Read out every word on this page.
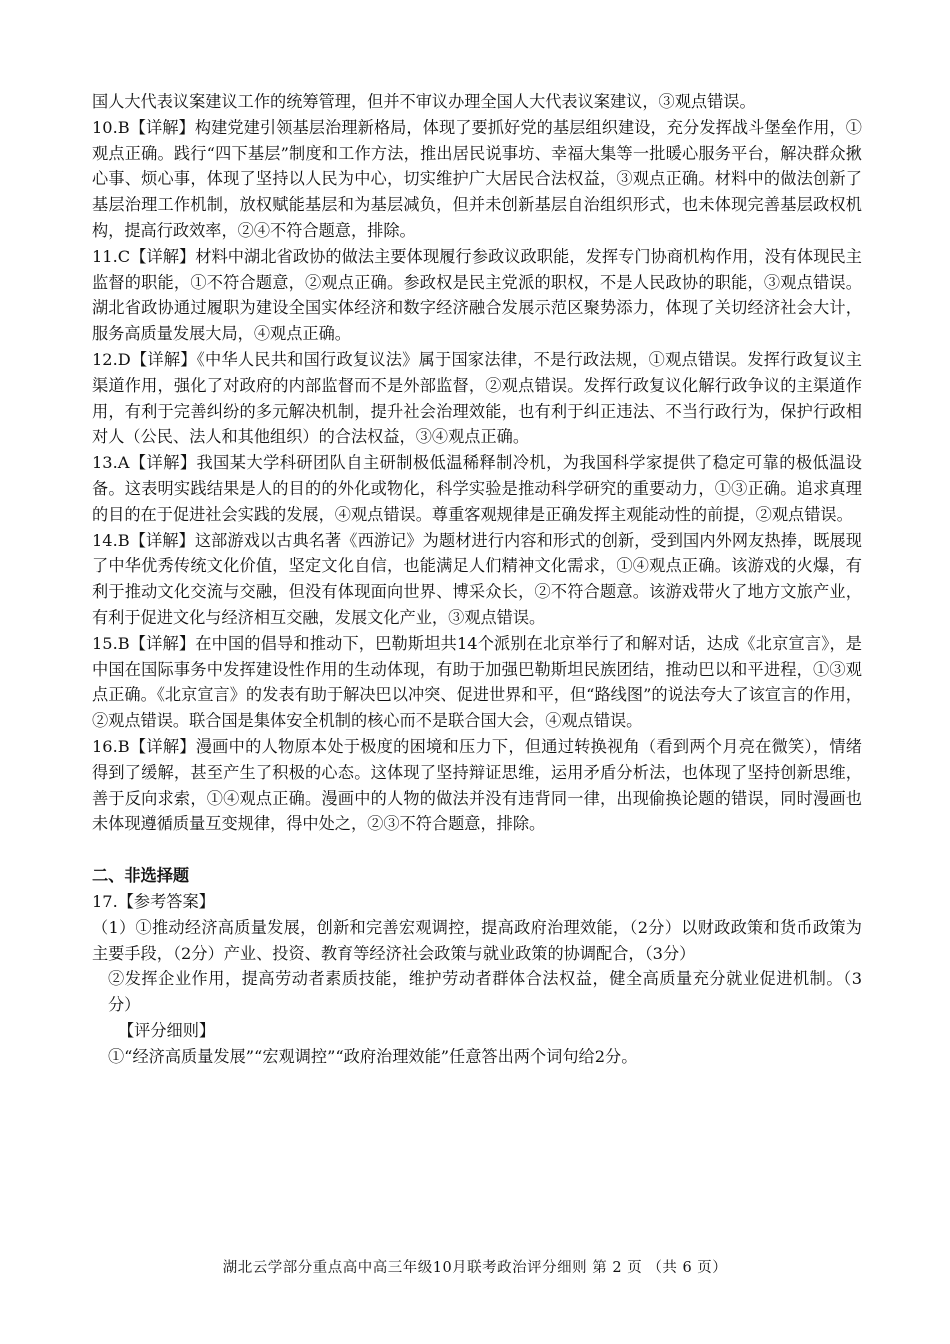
国人大代表议案建议工作的统筹管理，但并不审议办理全国人大代表议案建议，③观点错误。

10.B【详解】构建党建引领基层治理新格局，体现了要抓好党的基层组织建设，充分发挥战斗堡垒作用，①观点正确。践行“四下基层”制度和工作方法，推出居民说事坊、幸福大集等一批暖心服务平台，解决群众揪心事、烦心事，体现了坚持以人民为中心，切实维护广大居民合法权益，③观点正确。材料中的做法创新了基层治理工作机制，放权赋能基层和为基层减负，但并未创新基层自治组织形式，也未体现完善基层政权机构，提高行政效率，②④不符合题意，排除。

11.C【详解】材料中湖北省政协的做法主要体现履行参政议政职能，发挥专门协商机构作用，没有体现民主监督的职能，①不符合题意，②观点正确。参政权是民主党派的职权，不是人民政协的职能，③观点错误。湖北省政协通过履职为建设全国实体经济和数字经济融合发展示范区聚势添力，体现了关切经济社会大计，服务高质量发展大局，④观点正确。

12.D【详解】《中华人民共和国行政复议法》属于国家法律，不是行政法规，①观点错误。发挥行政复议主渠道作用，强化了对政府的内部监督而不是外部监督，②观点错误。发挥行政复议化解行政争议的主渠道作用，有利于完善纠纷的多元解决机制，提升社会治理效能，也有利于纠正违法、不当行政行为，保护行政相对人（公民、法人和其他组织）的合法权益，③④观点正确。

13.A【详解】我国某大学科研团队自主研制极低温稀释制冷机，为我国科学家提供了稳定可靠的极低温设备。这表明实践结果是人的目的的外化或物化，科学实验是推动科学研究的重要动力，①③正确。追求真理的目的在于促进社会实践的发展，④观点错误。尊重客观规律是正确发挥主观能动性的前提，②观点错误。

14.B【详解】这部游戏以古典名著《西游记》为题材进行内容和形式的创新，受到国内外网友热捧，既展现了中华优秀传统文化价值，坚定文化自信，也能满足人们精神文化需求，①④观点正确。该游戏的火爆，有利于推动文化交流与交融，但没有体现面向世界、博采众长，②不符合题意。该游戏带火了地方文旅产业，有利于促进文化与经济相互交融，发展文化产业，③观点错误。

15.B【详解】在中国的倡导和推动下，巴勒斯坦共14个派别在北京举行了和解对话，达成《北京宣言》，是中国在国际事务中发挥建设性作用的生动体现，有助于加强巴勒斯坦民族团结，推动巴以和平进程，①③观点正确。《北京宣言》的发表有助于解决巴以冲突、促进世界和平，但“路线图”的说法夸大了该宣言的作用，②观点错误。联合国是集体安全机制的核心而不是联合国大会，④观点错误。

16.B【详解】漫画中的人物原本处于极度的困境和压力下，但通过转换视角（看到两个月亮在微笑），情绪得到了缓解，甚至产生了积极的心态。这体现了坚持辩证思维，运用矛盾分析法，也体现了坚持创新思维，善于反向求索，①④观点正确。漫画中的人物的做法并没有违背同一律，出现偷换论题的错误，同时漫画也未体现遵循质量互变规律，得中处之，②③不符合题意，排除。

二、非选择题

17.【参考答案】

（1）①推动经济高质量发展，创新和完善宏观调控，提高政府治理效能，（2分）以财政政策和货币政策为主要手段，（2分）产业、投资、教育等经济社会政策与就业政策的协调配合，（3分）

②发挥企业作用，提高劳动者素质技能，维护劳动者群体合法权益，健全高质量充分就业促进机制。（3分）

【评分细则】

①“经济高质量发展”“宏观调控”“政府治理效能”任意答出两个词句给2分。

湖北云学部分重点高中高三年级10月联考政治评分细则 第 2 页 （共 6 页）
